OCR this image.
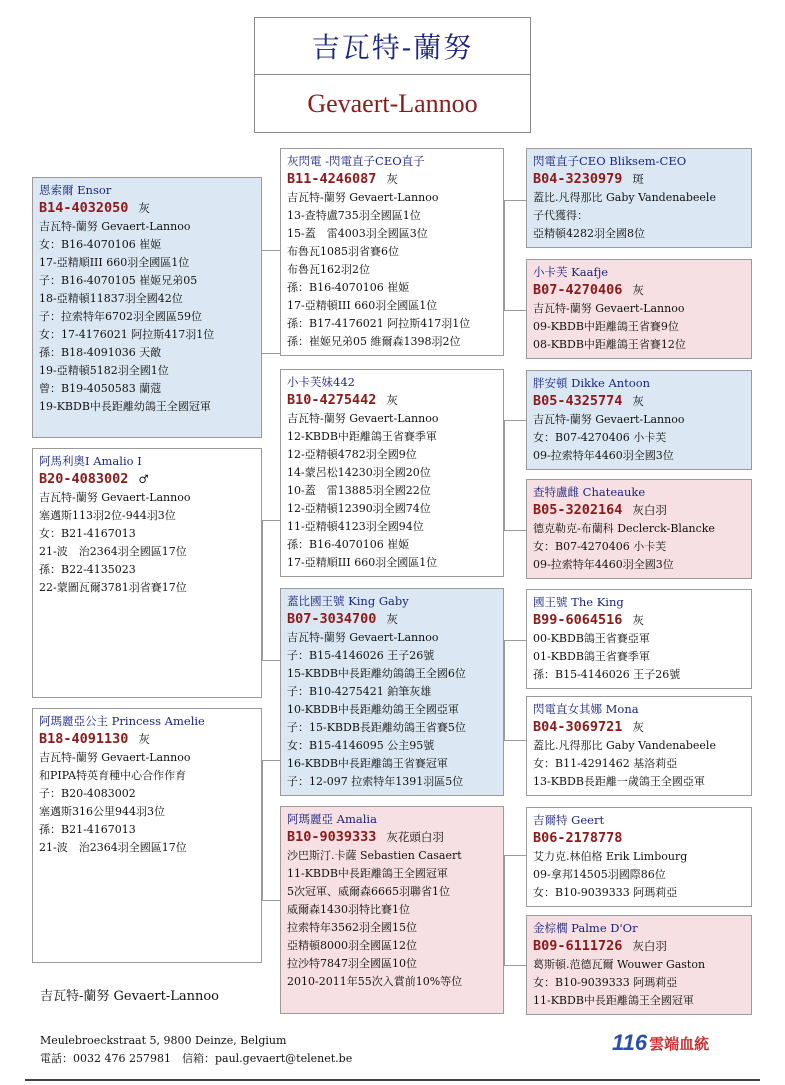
吉瓦特-蘭努
Gevaert-Lannoo
恩索爾 Ensor
B14-4032050 灰
吉瓦特-蘭努 Gevaert-Lannoo
女：B16-4070106 崔姬
17-亞精順III 660羽全國區1位
子：B16-4070105 崔姬兄弟05
18-亞精頓11837羽全國42位
子：拉索特年6702羽全國區59位
女：17-4176021 阿拉斯417羽1位
孫：B18-4091036 天敵
19-亞精頓5182羽全國1位
曾：B19-4050583 蘭蔻
19-KBDB中長距離幼鴿王全國冠軍
阿馬利奧I Amalio I
B20-4083002 ♂
吉瓦特-蘭努 Gevaert-Lannoo
塞邁斯113羽2位-944羽3位
女：B21-4167013
21-波　治2364羽全國區17位
孫：B22-4135023
22-蒙圖瓦爾3781羽省賽17位
阿瑪麗亞公主 Princess Amelie
B18-4091130 灰
吉瓦特-蘭努 Gevaert-Lannoo
和PIPA特英育種中心合作作育
子：B20-4083002
塞邁斯316公里944羽3位
孫：B21-4167013
21-波　治2364羽全國區17位
灰閃電 -閃電直子CEO直子
B11-4246087 灰
吉瓦特-蘭努 Gevaert-Lannoo
13-查特盧735羽全國區1位
15-蓋　雷4003羽全國區3位
布魯瓦1085羽省賽6位
布魯瓦162羽2位
孫：B16-4070106 崔姬
17-亞精頓III 660羽全國區1位
孫：B17-4176021 阿拉斯417羽1位
孫：崔姬兄弟05 維爾森1398羽2位
小卡芙妹442
B10-4275442 灰
吉瓦特-蘭努 Gevaert-Lannoo
12-KBDB中距離鴿王省賽季軍
12-亞精頓4782羽全國9位
14-蒙呂松14230羽全國20位
10-蓋　雷13885羽全國22位
12-亞精頓12390羽全國74位
11-亞精頓4123羽全國94位
孫：B16-4070106 崔姬
17-亞精順III 660羽全國區1位
蓋比國王號 King Gaby
B07-3034700 灰
吉瓦特-蘭努 Gevaert-Lannoo
子：B15-4146026 王子26號
15-KBDB中長距離幼鴿鴿王全國6位
子：B10-4275421 鉑筆灰雄
10-KBDB中長距離幼鴿王全國亞軍
子：15-KBDB長距離幼鴿王省賽5位
女：B15-4146095 公主95號
16-KBDB中長距離鴿王省賽冠軍
子：12-097 拉索特年1391羽區5位
阿瑪麗亞 Amalia
B10-9039333 灰花頭白羽
沙巴斯汀.卡薩 Sebastien Casaert
11-KBDB中長距離鴿王全國冠軍
5次冠軍、威爾森6665羽聯省1位
威爾森1430羽特比賽1位
拉索特年3562羽全國15位
亞精頓8000羽全國區12位
拉沙特7847羽全國區10位
2010-2011年55次入賞前10%等位
閃電直子CEO Bliksem-CEO
B04-3230979 斑
蓋比.凡得那比 Gaby Vandenabeele
子代獲得：
亞精頓4282羽全國8位
小卡芙 Kaafje
B07-4270406 灰
吉瓦特-蘭努 Gevaert-Lannoo
09-KBDB中距離鴿王省賽9位
08-KBDB中距離鴿王省賽12位
胖安頓 Dikke Antoon
B05-4325774 灰
吉瓦特-蘭努 Gevaert-Lannoo
女：B07-4270406 小卡芙
09-拉索特年4460羽全國3位
查特盧雌 Chateauke
B05-3202164 灰白羽
德克勒克-布蘭科 Declerck-Blancke
女：B07-4270406 小卡芙
09-拉索特年4460羽全國3位
國王號 The King
B99-6064516 灰
00-KBDB鴿王省賽亞軍
01-KBDB鴿王省賽季軍
孫：B15-4146026 王子26號
閃電直女其娜 Mona
B04-3069721 灰
蓋比.凡得那比 Gaby Vandenabeele
女：B11-4291462 基洛莉亞
13-KBDB長距離一歲鴿王全國亞軍
吉爾特 Geert
B06-2178778
艾力克.林伯格 Erik Limbourg
09-拿邦14505羽國際86位
女：B10-9039333 阿瑪莉亞
金棕櫚 Palme D'Or
B09-6111726 灰白羽
葛斯頓.范德瓦爾 Wouwer Gaston
女：B10-9039333 阿瑪莉亞
11-KBDB中長距離鴿王全國冠軍
吉瓦特-蘭努 Gevaert-Lannoo
Meulebroeckstraat 5, 9800 Deinze, Belgium
電話：0032 476 257981　信箱：paul.gevaert@telenet.be
116 雲端血統
